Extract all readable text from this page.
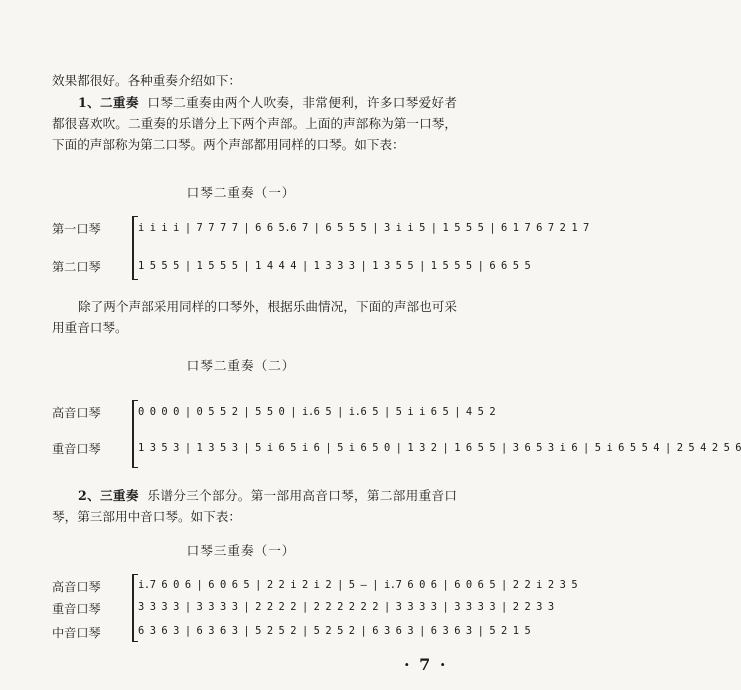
效果都很好。各种重奏介绍如下：

1、二重奏 口琴二重奏由两个人吹奏，非常便利，许多口琴爱好者都很喜欢吹。二重奏的乐谱分上下两个声部。上面的声部称为第一口琴，下面的声部称为第二口琴。两个声部都用同样的口琴。如下表：

口琴二重奏（一）
第一口琴
第二口琴
i i i i | 7 7 7 7 | 6 6 5.6 7 | 6 5 5 5 | 3 i i 5 | 1 5 5 5 | 6 1 7 6 7 2 1 7
1 5 5 5 | 1 5 5 5 | 1 4 4 4 | 1 3 3 3 | 1 3 5 5 | 1 5 5 5 | 6 6 5 5

除了两个声部采用同样的口琴外，根据乐曲情况，下面的声部也可采用重音口琴。

口琴二重奏（二）
高音口琴
重音口琴
0 0 0 0 | 0 5 5 2 | 5 5 0 | i.6 5 | i.6 5 | 5 i i 6 5 | 4 5 2
1 3 5 3 | 1 3 5 3 | 5 i 6 5 i 6 | 5 i 6 5 0 | 1 3 2 | 1 6 5 5 | 3 6 5 3 i 6 | 5 i 6 5 5 4 | 2 5 4 2 5 6

2、三重奏 乐谱分三个部分。第一部用高音口琴，第二部用重音口琴，第三部用中音口琴。如下表：

口琴三重奏（一）
高音口琴
重音口琴
中音口琴
i.7 6 0 6 | 6 0 6 5 | 2 2 i 2 i 2 | 5 — | i.7 6 0 6 | 6 0 6 5 | 2 2 i 2 3 5
3 3 3 3 | 3 3 3 3 | 2 2 2 2 | 2 2 2 2 2 2 | 3 3 3 3 | 3 3 3 3 | 2 2 3 3
6 3 6 3 | 6 3 6 3 | 5 2 5 2 | 5 2 5 2 | 6 3 6 3 | 6 3 6 3 | 5 2 1 5
· 7 ·
